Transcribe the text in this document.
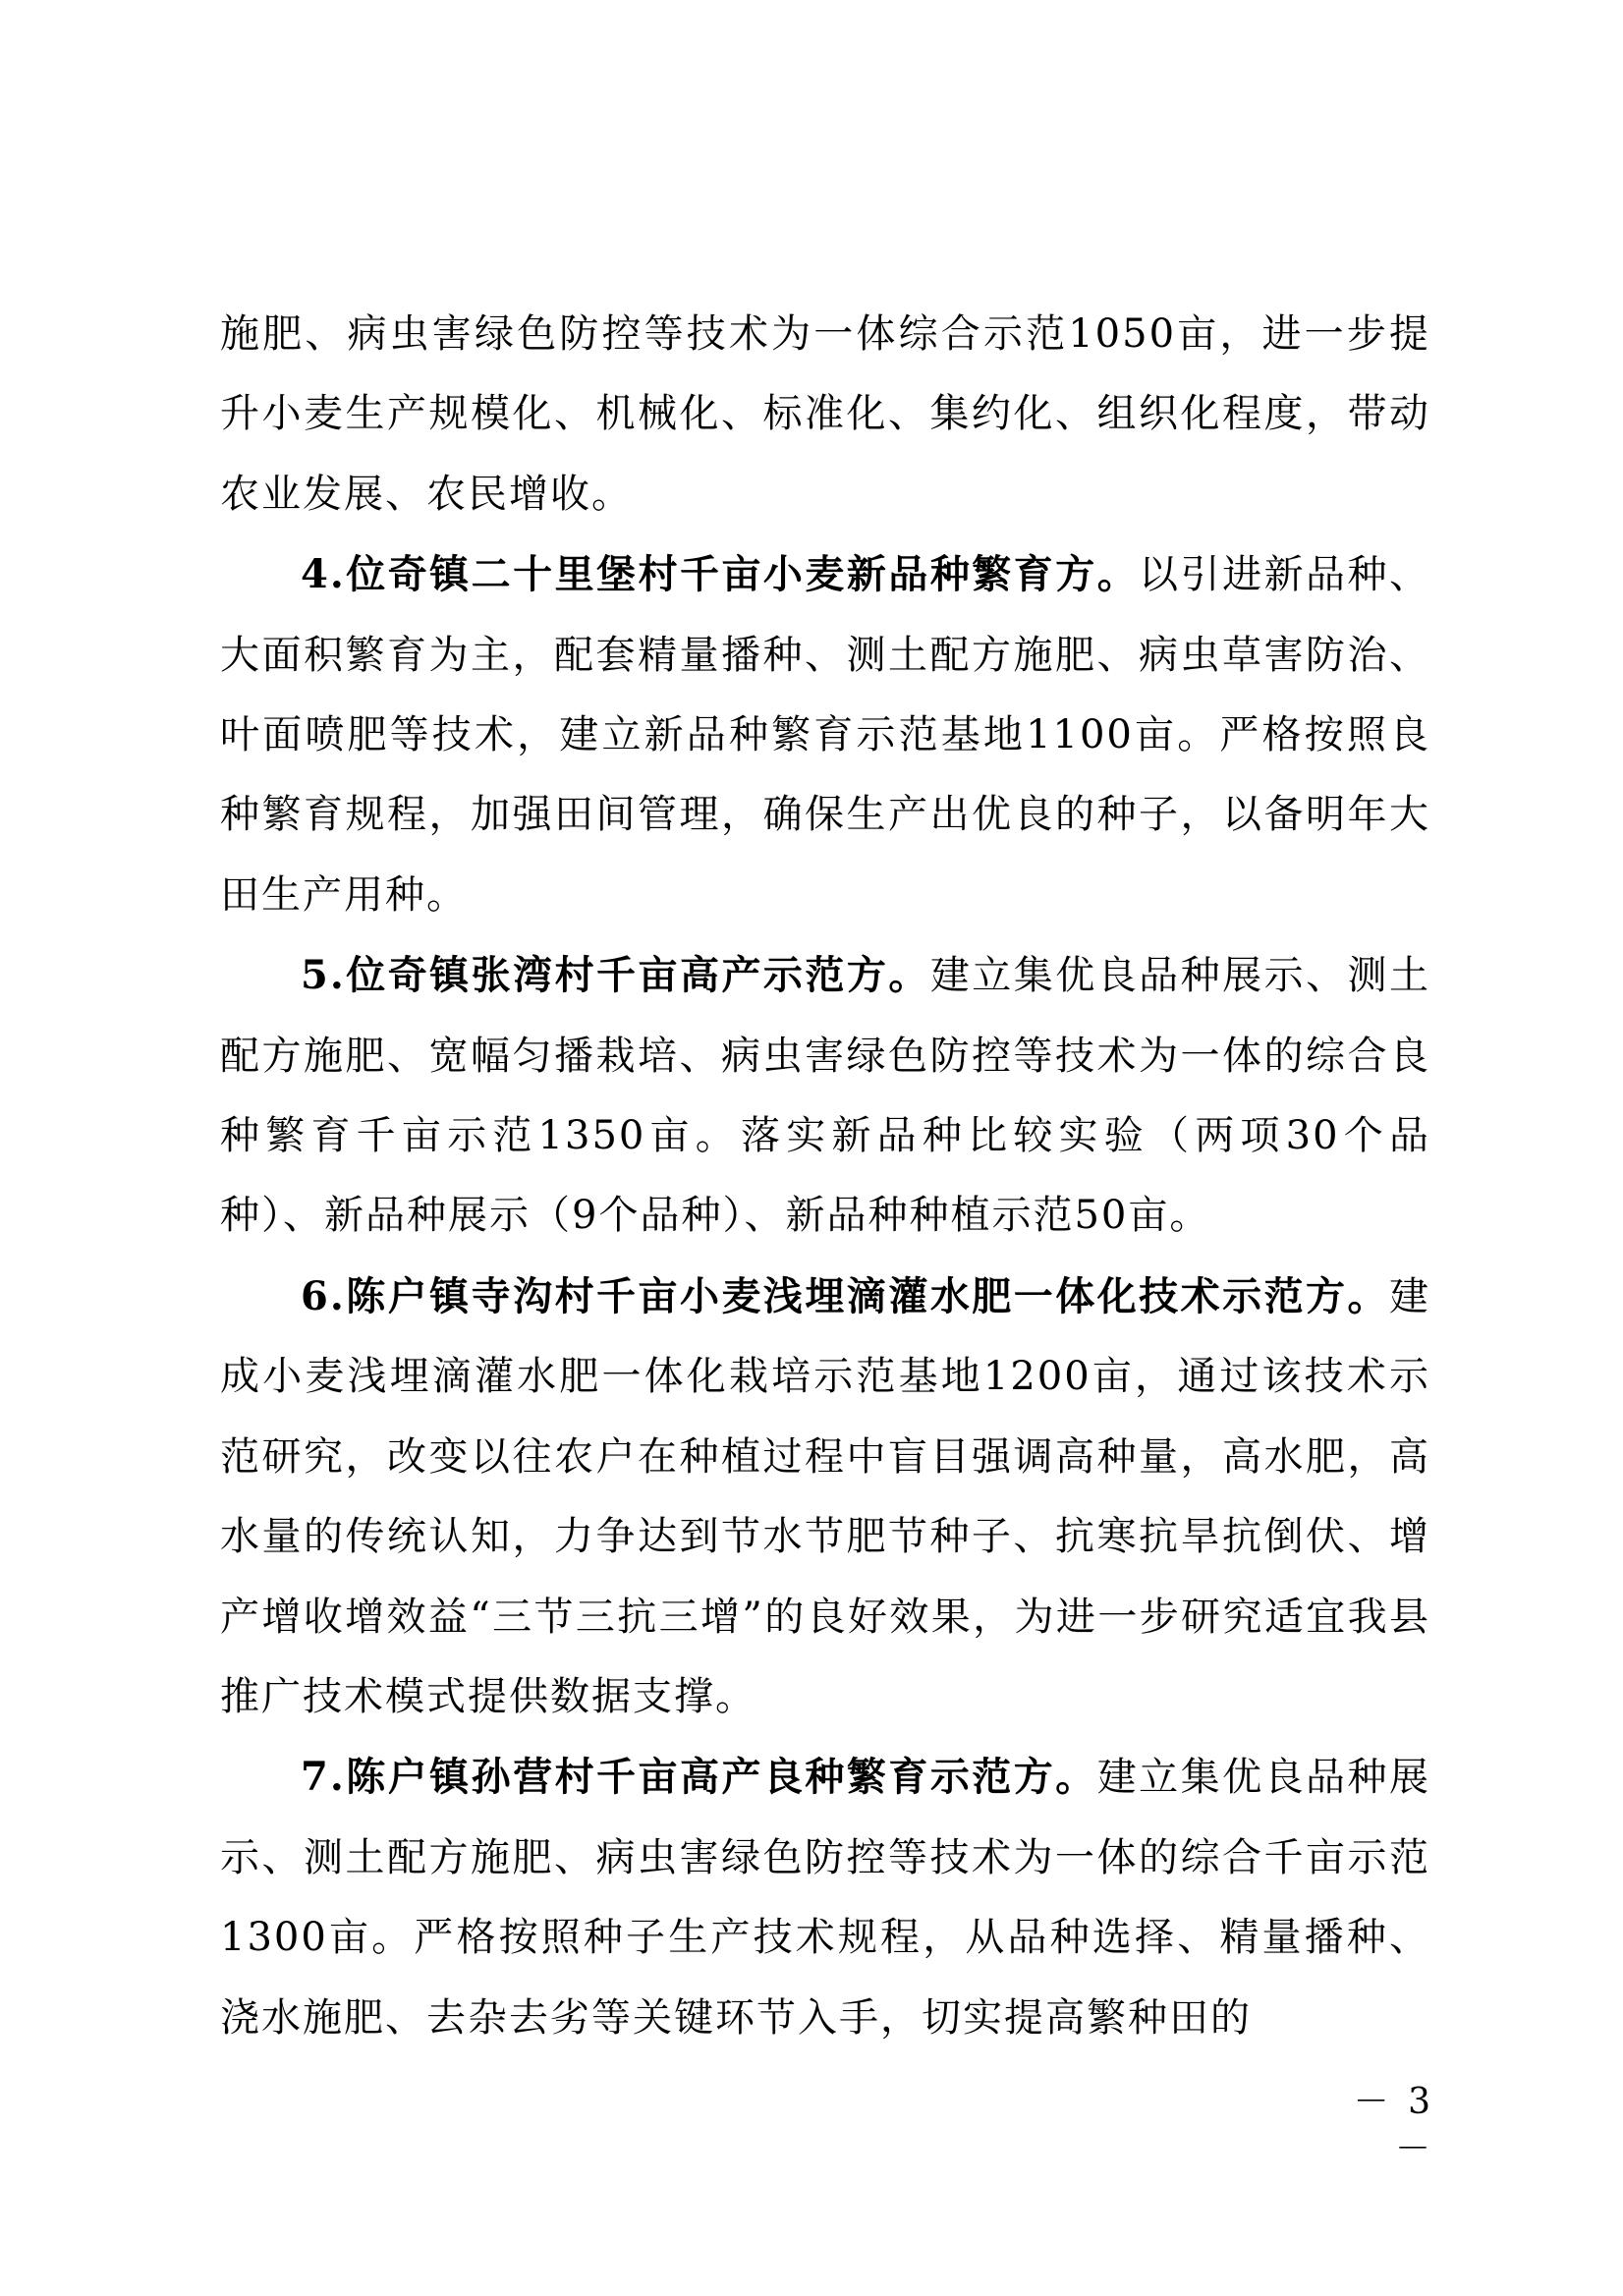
施肥、病虫害绿色防控等技术为一体综合示范1050亩，进一步提升小麦生产规模化、机械化、标准化、集约化、组织化程度，带动农业发展、农民增收。

4.位奇镇二十里堡村千亩小麦新品种繁育方。以引进新品种、大面积繁育为主，配套精量播种、测土配方施肥、病虫草害防治、叶面喷肥等技术，建立新品种繁育示范基地1100亩。严格按照良种繁育规程，加强田间管理，确保生产出优良的种子，以备明年大田生产用种。

5.位奇镇张湾村千亩高产示范方。建立集优良品种展示、测土配方施肥、宽幅匀播栽培、病虫害绿色防控等技术为一体的综合良种繁育千亩示范1350亩。落实新品种比较实验（两项30个品种）、新品种展示（9个品种）、新品种种植示范50亩。

6.陈户镇寺沟村千亩小麦浅埋滴灌水肥一体化技术示范方。建成小麦浅埋滴灌水肥一体化栽培示范基地1200亩，通过该技术示范研究，改变以往农户在种植过程中盲目强调高种量，高水肥，高水量的传统认知，力争达到节水节肥节种子、抗寒抗旱抗倒伏、增产增收增效益“三节三抗三增”的良好效果，为进一步研究适宜我县推广技术模式提供数据支撑。

7.陈户镇孙营村千亩高产良种繁育示范方。建立集优良品种展示、测土配方施肥、病虫害绿色防控等技术为一体的综合千亩示范1300亩。严格按照种子生产技术规程，从品种选择、精量播种、浇水施肥、去杂去劣等关键环节入手，切实提高繁种田的

－ 3 －
